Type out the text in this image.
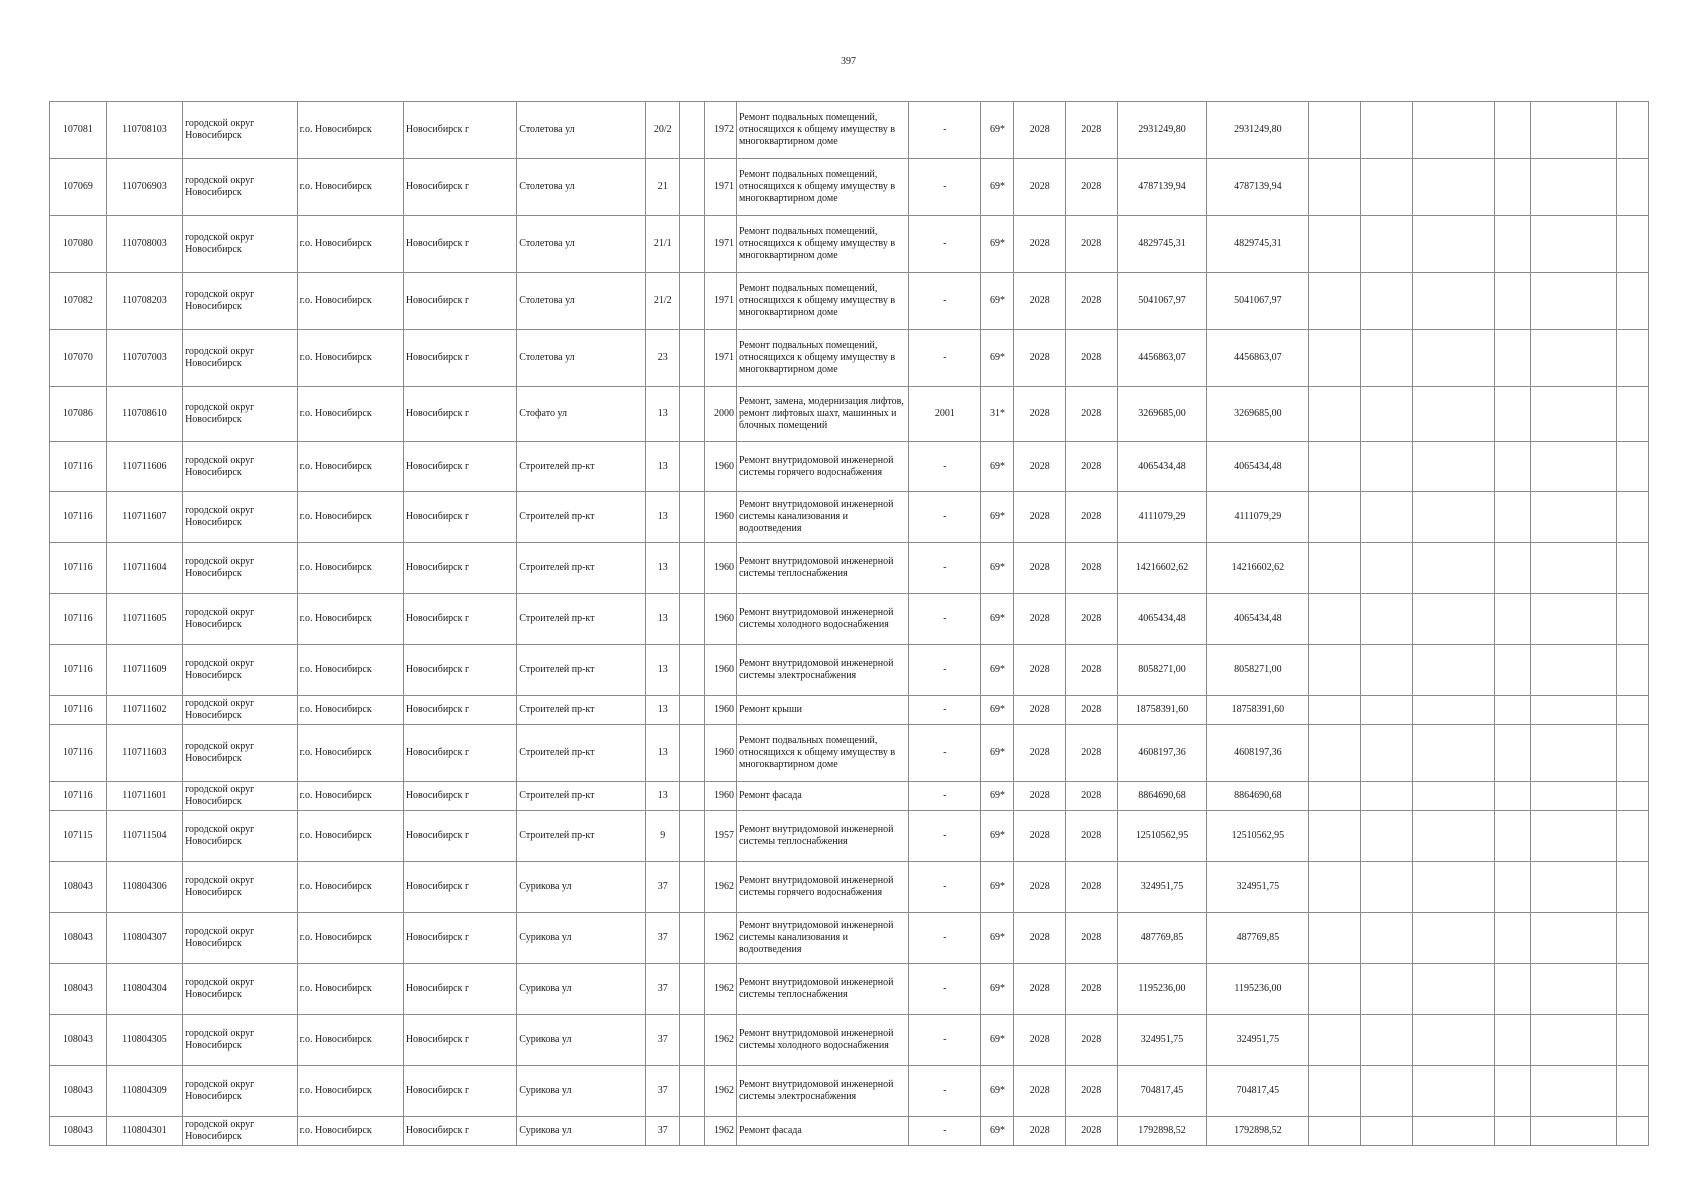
397
107081	110708103	городской округ Новосибирск	г.о. Новосибирск	Новосибирск г	Столетова ул	20/2		1972	Ремонт подвальных помещений, относящихся к общему имуществу в многоквартирном доме	-	69*	2028	2028	2931249,80	2931249,80						
107069	110706903	городской округ Новосибирск	г.о. Новосибирск	Новосибирск г	Столетова ул	21		1971	Ремонт подвальных помещений, относящихся к общему имуществу в многоквартирном доме	-	69*	2028	2028	4787139,94	4787139,94						
107080	110708003	городской округ Новосибирск	г.о. Новосибирск	Новосибирск г	Столетова ул	21/1		1971	Ремонт подвальных помещений, относящихся к общему имуществу в многоквартирном доме	-	69*	2028	2028	4829745,31	4829745,31						
107082	110708203	городской округ Новосибирск	г.о. Новосибирск	Новосибирск г	Столетова ул	21/2		1971	Ремонт подвальных помещений, относящихся к общему имуществу в многоквартирном доме	-	69*	2028	2028	5041067,97	5041067,97						
107070	110707003	городской округ Новосибирск	г.о. Новосибирск	Новосибирск г	Столетова ул	23		1971	Ремонт подвальных помещений, относящихся к общему имуществу в многоквартирном доме	-	69*	2028	2028	4456863,07	4456863,07						
107086	110708610	городской округ Новосибирск	г.о. Новосибирск	Новосибирск г	Стофато ул	13		2000	Ремонт, замена, модернизация лифтов, ремонт лифтовых шахт, машинных и блочных помещений	2001	31*	2028	2028	3269685,00	3269685,00						
107116	110711606	городской округ Новосибирск	г.о. Новосибирск	Новосибирск г	Строителей пр-кт	13		1960	Ремонт внутридомовой инженерной системы горячего водоснабжения	-	69*	2028	2028	4065434,48	4065434,48						
107116	110711607	городской округ Новосибирск	г.о. Новосибирск	Новосибирск г	Строителей пр-кт	13		1960	Ремонт внутридомовой инженерной системы канализования и водоотведения	-	69*	2028	2028	4111079,29	4111079,29						
107116	110711604	городской округ Новосибирск	г.о. Новосибирск	Новосибирск г	Строителей пр-кт	13		1960	Ремонт внутридомовой инженерной системы теплоснабжения	-	69*	2028	2028	14216602,62	14216602,62						
107116	110711605	городской округ Новосибирск	г.о. Новосибирск	Новосибирск г	Строителей пр-кт	13		1960	Ремонт внутридомовой инженерной системы холодного водоснабжения	-	69*	2028	2028	4065434,48	4065434,48						
107116	110711609	городской округ Новосибирск	г.о. Новосибирск	Новосибирск г	Строителей пр-кт	13		1960	Ремонт внутридомовой инженерной системы электроснабжения	-	69*	2028	2028	8058271,00	8058271,00						
107116	110711602	городской округ Новосибирск	г.о. Новосибирск	Новосибирск г	Строителей пр-кт	13		1960	Ремонт крыши	-	69*	2028	2028	18758391,60	18758391,60						
107116	110711603	городской округ Новосибирск	г.о. Новосибирск	Новосибирск г	Строителей пр-кт	13		1960	Ремонт подвальных помещений, относящихся к общему имуществу в многоквартирном доме	-	69*	2028	2028	4608197,36	4608197,36						
107116	110711601	городской округ Новосибирск	г.о. Новосибирск	Новосибирск г	Строителей пр-кт	13		1960	Ремонт фасада	-	69*	2028	2028	8864690,68	8864690,68						
107115	110711504	городской округ Новосибирск	г.о. Новосибирск	Новосибирск г	Строителей пр-кт	9		1957	Ремонт внутридомовой инженерной системы теплоснабжения	-	69*	2028	2028	12510562,95	12510562,95						
108043	110804306	городской округ Новосибирск	г.о. Новосибирск	Новосибирск г	Сурикова ул	37		1962	Ремонт внутридомовой инженерной системы горячего водоснабжения	-	69*	2028	2028	324951,75	324951,75						
108043	110804307	городской округ Новосибирск	г.о. Новосибирск	Новосибирск г	Сурикова ул	37		1962	Ремонт внутридомовой инженерной системы канализования и водоотведения	-	69*	2028	2028	487769,85	487769,85						
108043	110804304	городской округ Новосибирск	г.о. Новосибирск	Новосибирск г	Сурикова ул	37		1962	Ремонт внутридомовой инженерной системы теплоснабжения	-	69*	2028	2028	1195236,00	1195236,00						
108043	110804305	городской округ Новосибирск	г.о. Новосибирск	Новосибирск г	Сурикова ул	37		1962	Ремонт внутридомовой инженерной системы холодного водоснабжения	-	69*	2028	2028	324951,75	324951,75						
108043	110804309	городской округ Новосибирск	г.о. Новосибирск	Новосибирск г	Сурикова ул	37		1962	Ремонт внутридомовой инженерной системы электроснабжения	-	69*	2028	2028	704817,45	704817,45						
108043	110804301	городской округ Новосибирск	г.о. Новосибирск	Новосибирск г	Сурикова ул	37		1962	Ремонт фасада	-	69*	2028	2028	1792898,52	1792898,52						
